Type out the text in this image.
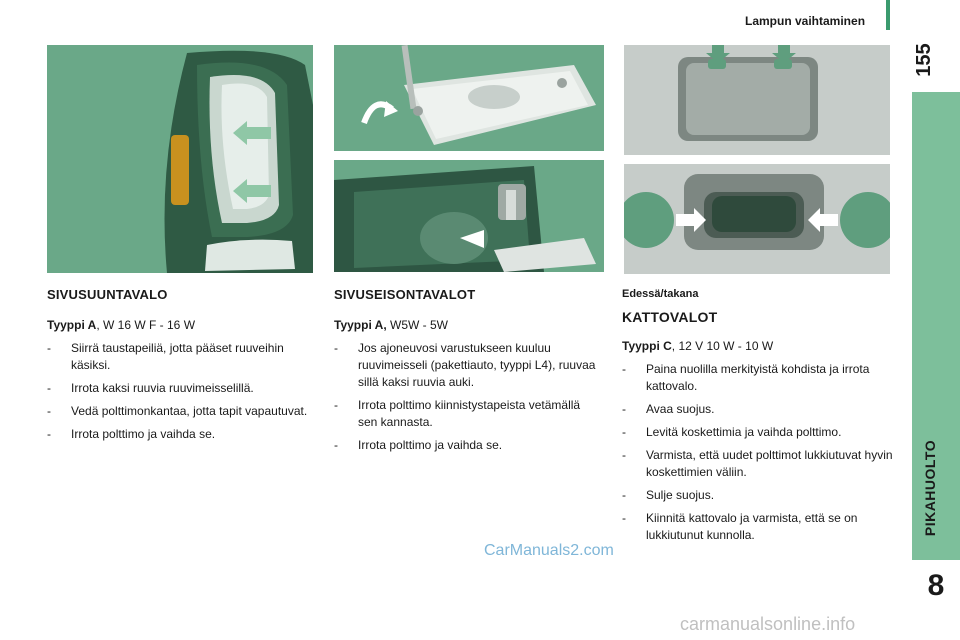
Lampun vaihtaminen
155
PIKAHUOLTO
8
SIVUSUUNTAVALO

Tyyppi A, W 16 W F - 16 W

- Siirrä taustapeiliä, jotta pääset ruuveihin käsiksi.
- Irrota kaksi ruuvia ruuvimeisselillä.
- Vedä polttimonkantaa, jotta tapit vapautuvat.
- Irrota polttimo ja vaihda se.
SIVUSEISONTAVALOT

Tyyppi A, W5W - 5W

- Jos ajoneuvosi varustukseen kuuluu ruuvimeisseli (pakettiauto, tyyppi L4), ruuvaa sillä kaksi ruuvia auki.
- Irrota polttimo kiinnistystapeista vetämällä sen kannasta.
- Irrota polttimo ja vaihda se.

Edessä/takana

KATTOVALOT

Tyyppi C, 12 V 10 W - 10 W

- Paina nuolilla merkityistä kohdista ja irrota kattovalo.
- Avaa suojus.
- Levitä koskettimia ja vaihda polttimo.
- Varmista, että uudet polttimot lukkiutuvat hyvin koskettimien väliin.
- Sulje suojus.
- Kiinnitä kattovalo ja varmista, että se on lukkiutunut kunnolla.
CarManuals2.com
carmanualsonline.info
